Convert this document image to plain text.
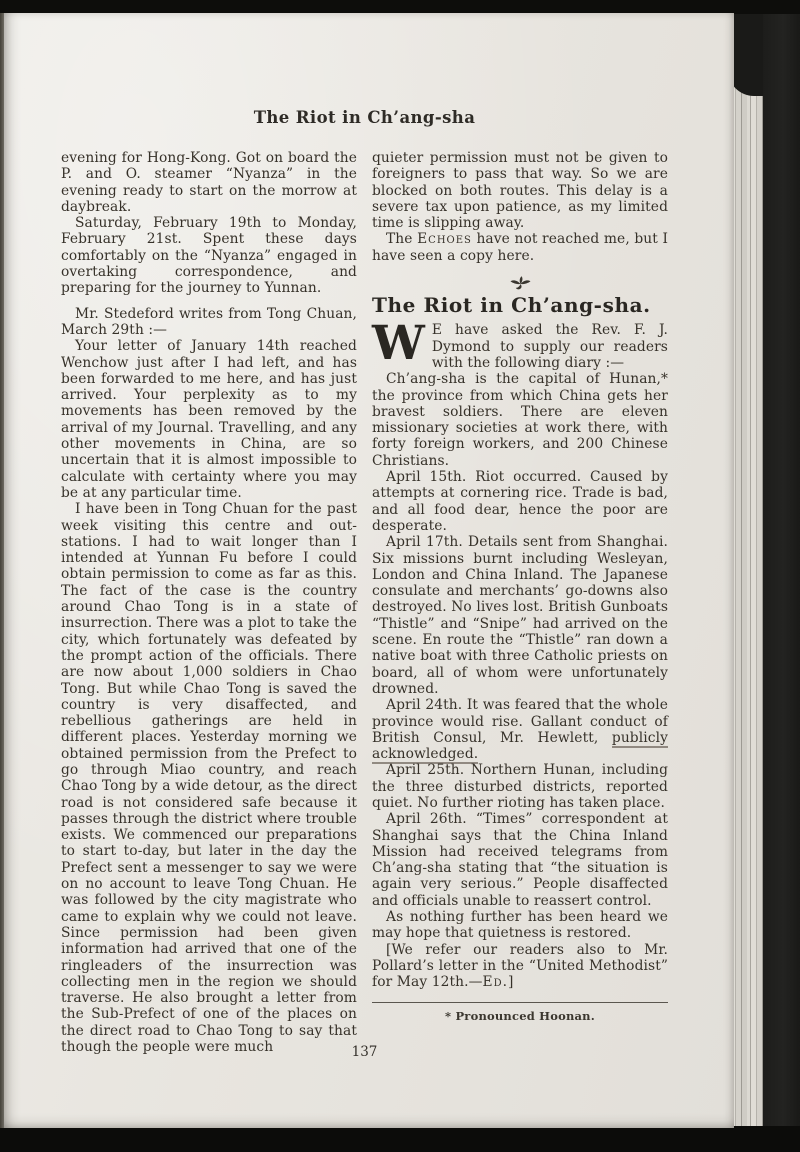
The Riot in Ch’ang-sha

evening for Hong-Kong. Got on board the P. and O. steamer “Nyanza” in the evening ready to start on the morrow at daybreak.

Saturday, February 19th to Monday, February 21st. Spent these days comfortably on the “Nyanza” engaged in overtaking correspondence, and preparing for the journey to Yunnan.

Mr. Stedeford writes from Tong Chuan, March 29th :—

Your letter of January 14th reached Wenchow just after I had left, and has been forwarded to me here, and has just arrived. Your perplexity as to my movements has been removed by the arrival of my Journal. Travelling, and any other movements in China, are so uncertain that it is almost impossible to calculate with certainty where you may be at any particular time.

I have been in Tong Chuan for the past week visiting this centre and out-stations. I had to wait longer than I intended at Yunnan Fu before I could obtain permission to come as far as this. The fact of the case is the country around Chao Tong is in a state of insurrection. There was a plot to take the city, which fortunately was defeated by the prompt action of the officials. There are now about 1,000 soldiers in Chao Tong. But while Chao Tong is saved the country is very disaffected, and rebellious gatherings are held in different places. Yesterday morning we obtained permission from the Prefect to go through Miao country, and reach Chao Tong by a wide detour, as the direct road is not considered safe because it passes through the district where trouble exists. We commenced our preparations to start to-day, but later in the day the Prefect sent a messenger to say we were on no account to leave Tong Chuan. He was followed by the city magistrate who came to explain why we could not leave. Since permission had been given information had arrived that one of the ringleaders of the insurrection was collecting men in the region we should traverse. He also brought a letter from the Sub-Prefect of one of the places on the direct road to Chao Tong to say that though the people were much

quieter permission must not be given to foreigners to pass that way. So we are blocked on both routes. This delay is a severe tax upon patience, as my limited time is slipping away.

The Echoes have not reached me, but I have seen a copy here.

The Riot in Ch’ang-sha.

W E have asked the Rev. F. J. Dymond to supply our readers with the following diary :—

Ch’ang-sha is the capital of Hunan,* the province from which China gets her bravest soldiers. There are eleven missionary societies at work there, with forty foreign workers, and 200 Chinese Christians.

April 15th. Riot occurred. Caused by attempts at cornering rice. Trade is bad, and all food dear, hence the poor are desperate.

April 17th. Details sent from Shanghai. Six missions burnt including Wesleyan, London and China Inland. The Japanese consulate and merchants’ go-downs also destroyed. No lives lost. British Gunboats “Thistle” and “Snipe” had arrived on the scene. En route the “Thistle” ran down a native boat with three Catholic priests on board, all of whom were unfortunately drowned.

April 24th. It was feared that the whole province would rise. Gallant conduct of British Consul, Mr. Hewlett, publicly acknowledged.

April 25th. Northern Hunan, including the three disturbed districts, reported quiet. No further rioting has taken place.

April 26th. “Times” correspondent at Shanghai says that the China Inland Mission had received telegrams from Ch’ang-sha stating that “the situation is again very serious.” People disaffected and officials unable to reassert control.

As nothing further has been heard we may hope that quietness is restored.

[We refer our readers also to Mr. Pollard’s letter in the “United Methodist” for May 12th.—Ed.]

* Pronounced Hoonan.
137
